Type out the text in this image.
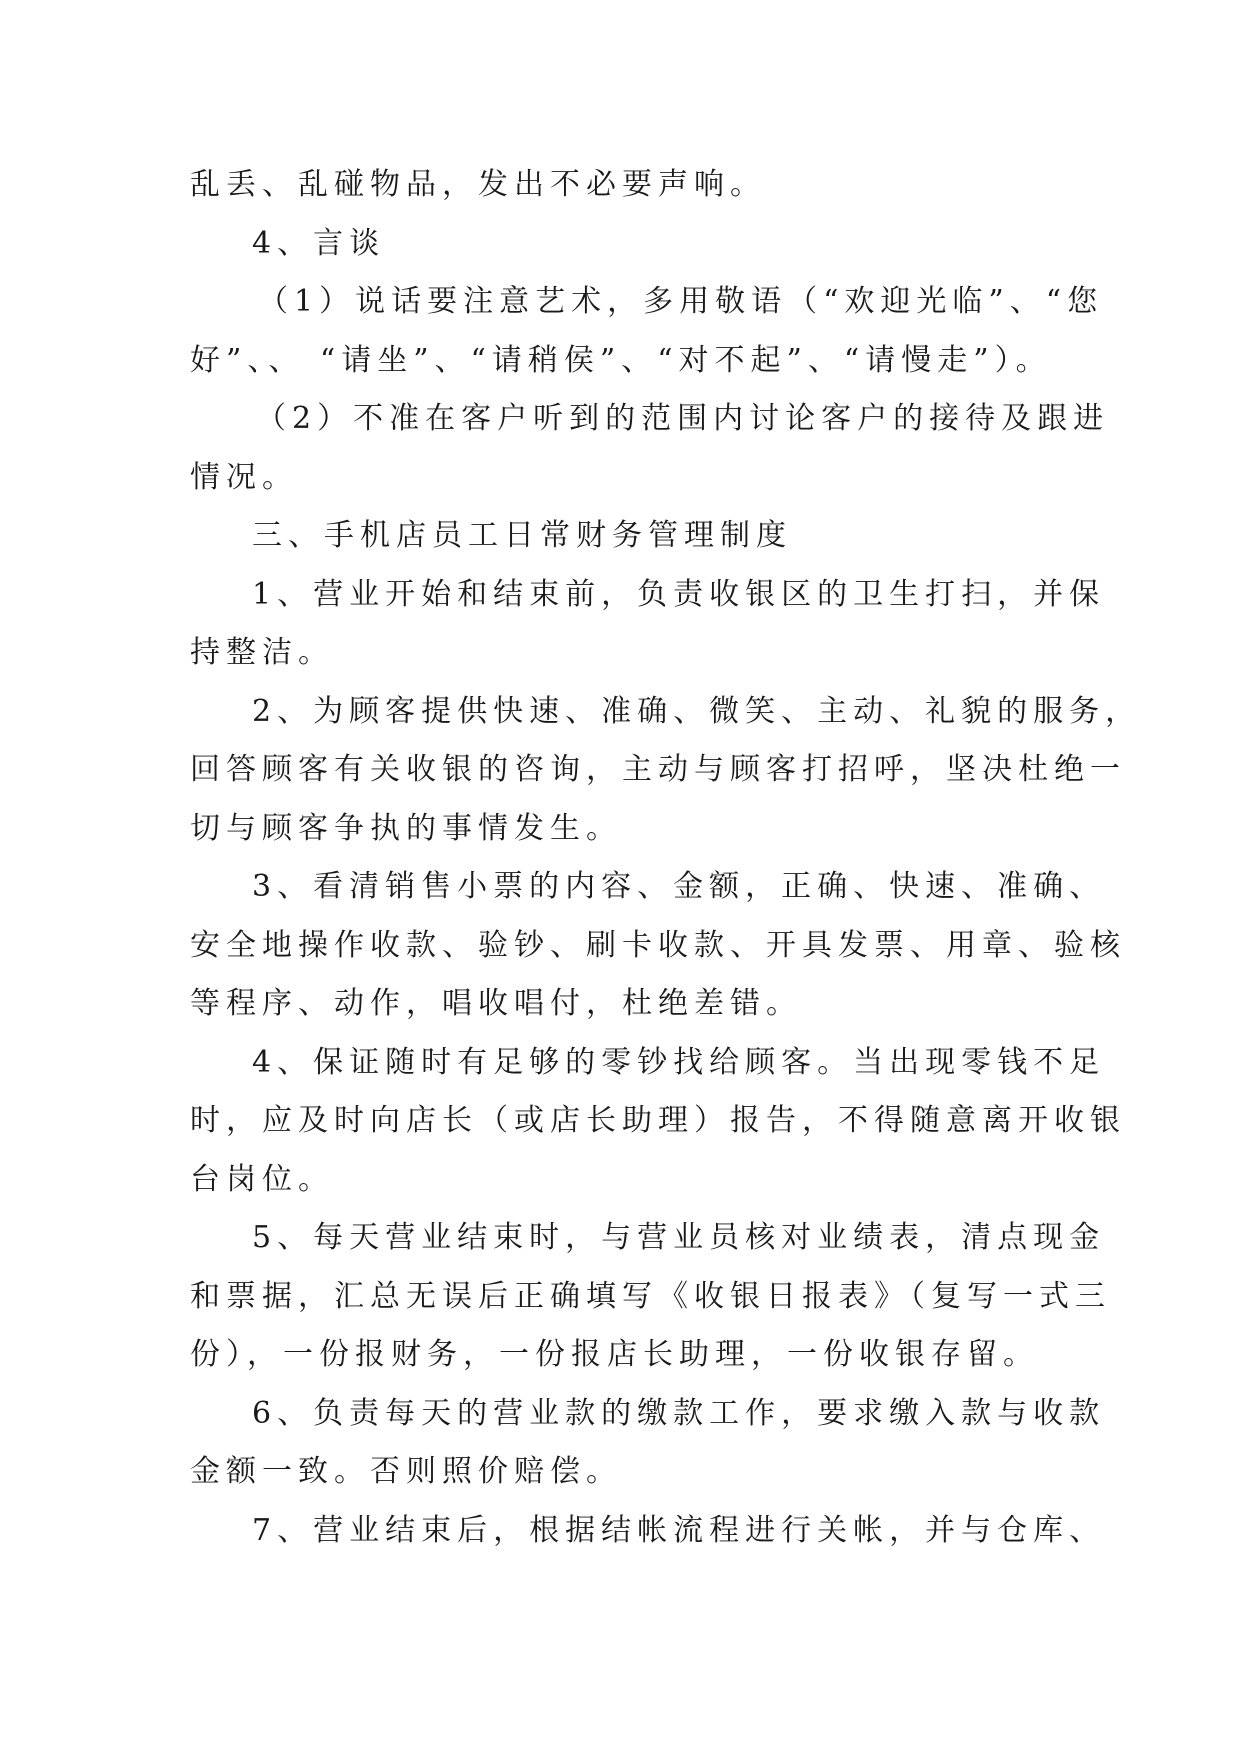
乱丢、乱碰物品，发出不必要声响。
4、言谈
（1）说话要注意艺术，多用敬语（“欢迎光临”、“您
好”、、 “请坐”、“请稍侯”、“对不起”、“请慢走”）。
（2）不准在客户听到的范围内讨论客户的接待及跟进
情况。
三、手机店员工日常财务管理制度
1、营业开始和结束前，负责收银区的卫生打扫，并保
持整洁。
2、为顾客提供快速、准确、微笑、主动、礼貌的服务，
回答顾客有关收银的咨询，主动与顾客打招呼，坚决杜绝一
切与顾客争执的事情发生。
3、看清销售小票的内容、金额，正确、快速、准确、
安全地操作收款、验钞、刷卡收款、开具发票、用章、验核
等程序、动作，唱收唱付，杜绝差错。
4、保证随时有足够的零钞找给顾客。当出现零钱不足
时，应及时向店长（或店长助理）报告，不得随意离开收银
台岗位。
5、每天营业结束时，与营业员核对业绩表，清点现金
和票据，汇总无误后正确填写《收银日报表》（复写一式三
份），一份报财务，一份报店长助理，一份收银存留。
6、负责每天的营业款的缴款工作，要求缴入款与收款
金额一致。否则照价赔偿。
7、营业结束后，根据结帐流程进行关帐，并与仓库、
